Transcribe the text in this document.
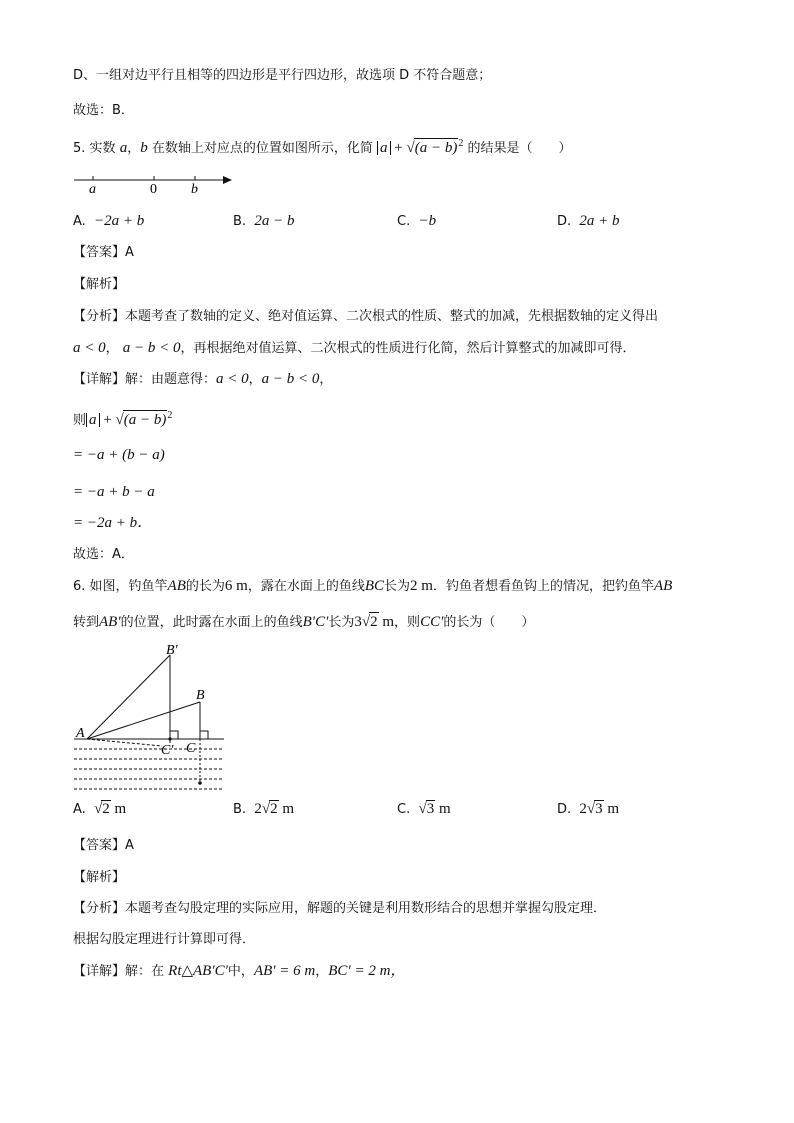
D、一组对边平行且相等的四边形是平行四边形，故选项 D 不符合题意；
故选：B．
5. 实数 a，b 在数轴上对应点的位置如图所示，化简 $a + √(a - b)^2$ 的结果是（　　）
a	0 b
A. −2a + b	B. 2a − b	C. −b	D. 2a + b
【答案】A
【解析】
【分析】本题考查了数轴的定义、绝对值运算、二次根式的性质、整式的加减，先根据数轴的定义得出
a < 0， a − b < 0，再根据绝对值运算、二次根式的性质进行化简，然后计算整式的加减即可得．
【详解】解：由题意得：a < 0，a − b < 0，
则 $a + √(a - b)^2$
= −a + (b − a)
= −a + b − a
= −2a + b．
故选：A．
6. 如图，钓鱼竿AB的长为6 m，露在水面上的鱼线BC长为2 m．钓鱼者想看鱼钩上的情况，把钓鱼竿AB
转到AB′的位置，此时露在水面上的鱼线B′C′长为3√2 m，则CC′的长为（　　）
B′
B
A
C′ C
A. √2 m	B. 2√2 m	C. √3 m	D. 2√3 m
【答案】A
【解析】
【分析】本题考查勾股定理的实际应用，解题的关键是利用数形结合的思想并掌握勾股定理．
根据勾股定理进行计算即可得．
【详解】解：在 Rt△AB′C′中，AB′ = 6 m，BC′ = 2 m，
